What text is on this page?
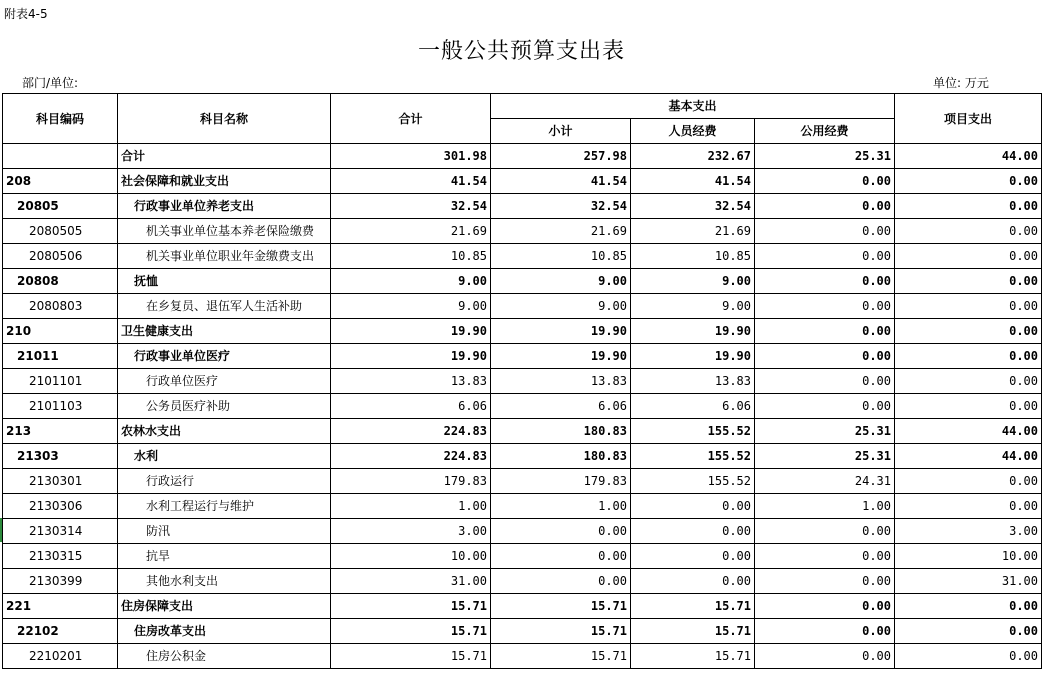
附表4-5
一般公共预算支出表
部门/单位:	单位: 万元
科目编码	科目名称	合计	基本支出			项目支出
			小计	人员经费	公用经费	
	合计	301.98	257.98	232.67	25.31	44.00
208	社会保障和就业支出	41.54	41.54	41.54	0.00	0.00
20805	行政事业单位养老支出	32.54	32.54	32.54	0.00	0.00
2080505	机关事业单位基本养老保险缴费	21.69	21.69	21.69	0.00	0.00
2080506	机关事业单位职业年金缴费支出	10.85	10.85	10.85	0.00	0.00
20808	抚恤	9.00	9.00	9.00	0.00	0.00
2080803	在乡复员、退伍军人生活补助	9.00	9.00	9.00	0.00	0.00
210	卫生健康支出	19.90	19.90	19.90	0.00	0.00
21011	行政事业单位医疗	19.90	19.90	19.90	0.00	0.00
2101101	行政单位医疗	13.83	13.83	13.83	0.00	0.00
2101103	公务员医疗补助	6.06	6.06	6.06	0.00	0.00
213	农林水支出	224.83	180.83	155.52	25.31	44.00
21303	水利	224.83	180.83	155.52	25.31	44.00
2130301	行政运行	179.83	179.83	155.52	24.31	0.00
2130306	水利工程运行与维护	1.00	1.00	0.00	1.00	0.00
2130314	防汛	3.00	0.00	0.00	0.00	3.00
2130315	抗旱	10.00	0.00	0.00	0.00	10.00
2130399	其他水利支出	31.00	0.00	0.00	0.00	31.00
221	住房保障支出	15.71	15.71	15.71	0.00	0.00
22102	住房改革支出	15.71	15.71	15.71	0.00	0.00
2210201	住房公积金	15.71	15.71	15.71	0.00	0.00
